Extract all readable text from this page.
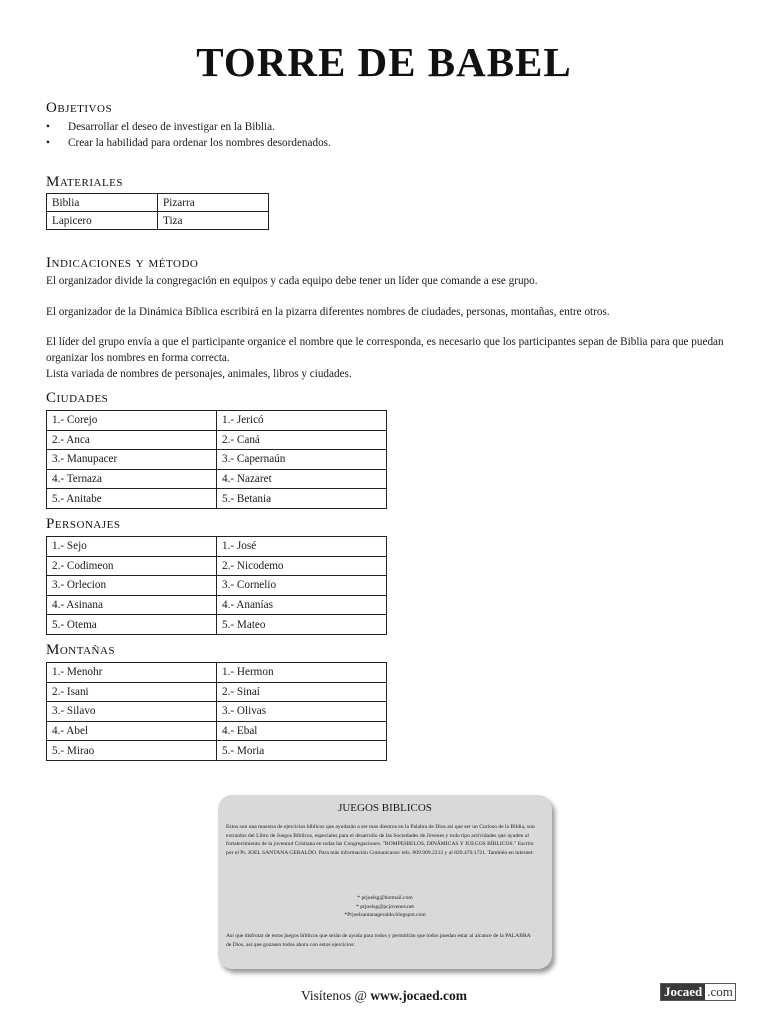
TORRE DE BABEL
Objetivos
•	Desarrollar el deseo de investigar en la Biblia.
•	Crear la habilidad para ordenar los nombres desordenados.
Materiales
Biblia	Pizarra
Lapicero	Tiza
Indicaciones y método

El organizador divide la congregación en equipos y cada equipo debe tener un líder que comande a ese grupo.

El organizador de la Dinámica Bíblica escribirá en la pizarra diferentes nombres de ciudades, personas, montañas, entre otros.

El líder del grupo envía a que el participante organice el nombre que le corresponda, es necesario que los participantes sepan de Biblia para que puedan organizar los nombres en forma correcta.

Lista variada de nombres de personajes, animales, libros y ciudades.

Ciudades
1.- Corejo	1.- Jericó
2.- Anca	2.- Caná
3.- Manupacer	3.- Capernaún
4.- Ternaza	4.- Nazaret
5.- Anitabe	5.- Betania
Personajes
1.- Sejo	1.- José
2.- Codimeon	2.- Nicodemo
3.- Orlecion	3.- Cornelio
4.- Asinana	4.- Ananías
5.- Otema	5.- Mateo
Montañas
1.- Menohr	1.- Hermon
2.- Isani	2.- Sinaí
3.- Silavo	3.- Olivas
4.- Abel	4.- Ebal
5.- Mirao	5.- Moria
JUEGOS BIBLICOS

Estos son una muestra de ejercicios bíblicos que ayudarán a ser mas diestros en la Palabra de Dios así que ser un Curioso de la Biblia, son extraídos del Libro de Juegos Bíblicos, especiales para el desarrollo de las Sociedades de Jóvenes y todo tipo actividades que ayuden al fortalecimiento de la juventud Cristiana en todas las Congregaciones. "ROMPEHIELOS, DINÁMICAS Y JUEGOS BÍBLICOS." Escrito por el Pr. JOEL SANTANA GERALDO. Para más información Comunícarse: tels. 809.909.2212 y al 829.470.1721. También en internet:

* prjoelsg@hotmail.com
* prjoelsg@pcjovenes.net
*Prjoelsantanageraldo.blogspot.com

Así que disfrutar de estos juegos bíblicos que serán de ayuda para todos y permitirán que todos puedan estar al alcance de la PALABRA de Dios, así que gozasen todos ahora con estos ejercicios:

Visítenos @ www.jocaed.com	Jocaed .com
